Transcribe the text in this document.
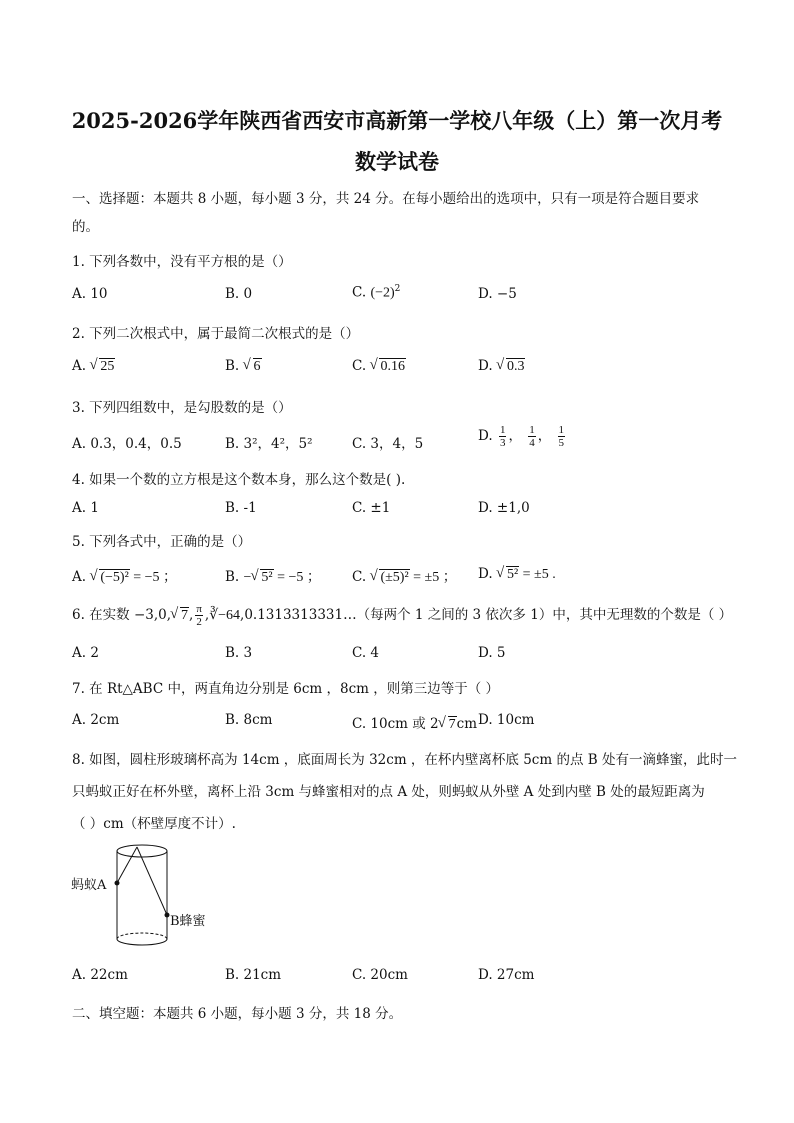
2025-2026学年陕西省西安市高新第一学校八年级（上）第一次月考
数学试卷
一、选择题：本题共 8 小题，每小题 3 分，共 24 分。在每小题给出的选项中，只有一项是符合题目要求
的。
1. 下列各数中，没有平方根的是（）
A. 10	B. 0	C. $(-2)^2$	D. −5
2. 下列二次根式中，属于最简二次根式的是（）
A. √ 25	B. √ 6	C. √ 0.16	D. √ 0.3
3. 下列四组数中，是勾股数的是（）
A. 0.3，0.4，0.5	B. 3²，4²，5²	C. 3，4，5	D. $\frac{1}{3}$ ， $\frac{1}{4}$ ， $\frac{1}{5}$
4. 如果一个数的立方根是这个数本身，那么这个数是( ).
A. 1	B. -1	C. ±1	D. ±1,0
5. 下列各式中，正确的是（）
A. √ (−5)² = −5 ；	B. − √ 5² = −5 ； C. √ (±5)² = ±5 ； D. √ 5² = ±5 .
6. 在实数 −3,0, √ 7, $\frac{\pi}{2}$ ,∛−64,0.1313313331…（每两个 1 之间的 3 依次多 1）中，其中无理数的个数是（ ）
A. 2	B. 3	C. 4	D. 5
7. 在 Rt△ABC 中，两直角边分别是 6cm ，8cm ，则第三边等于（ ）
A. 2cm	B. 8cm	C. 10cm 或 2 √ 7cm D. 10cm
8. 如图，圆柱形玻璃杯高为 14cm ，底面周长为 32cm ，在杯内壁离杯底 5cm 的点 B 处有一滴蜂蜜，此时一
只蚂蚁正好在杯外壁，离杯上沿 3cm 与蜂蜜相对的点 A 处，则蚂蚁从外壁 A 处到内壁 B 处的最短距离为
（ ）cm（杯壁厚度不计）.
蚂蚁A
B蜂蜜
A. 22cm	B. 21cm	C. 20cm	D. 27cm
二、填空题：本题共 6 小题，每小题 3 分，共 18 分。
